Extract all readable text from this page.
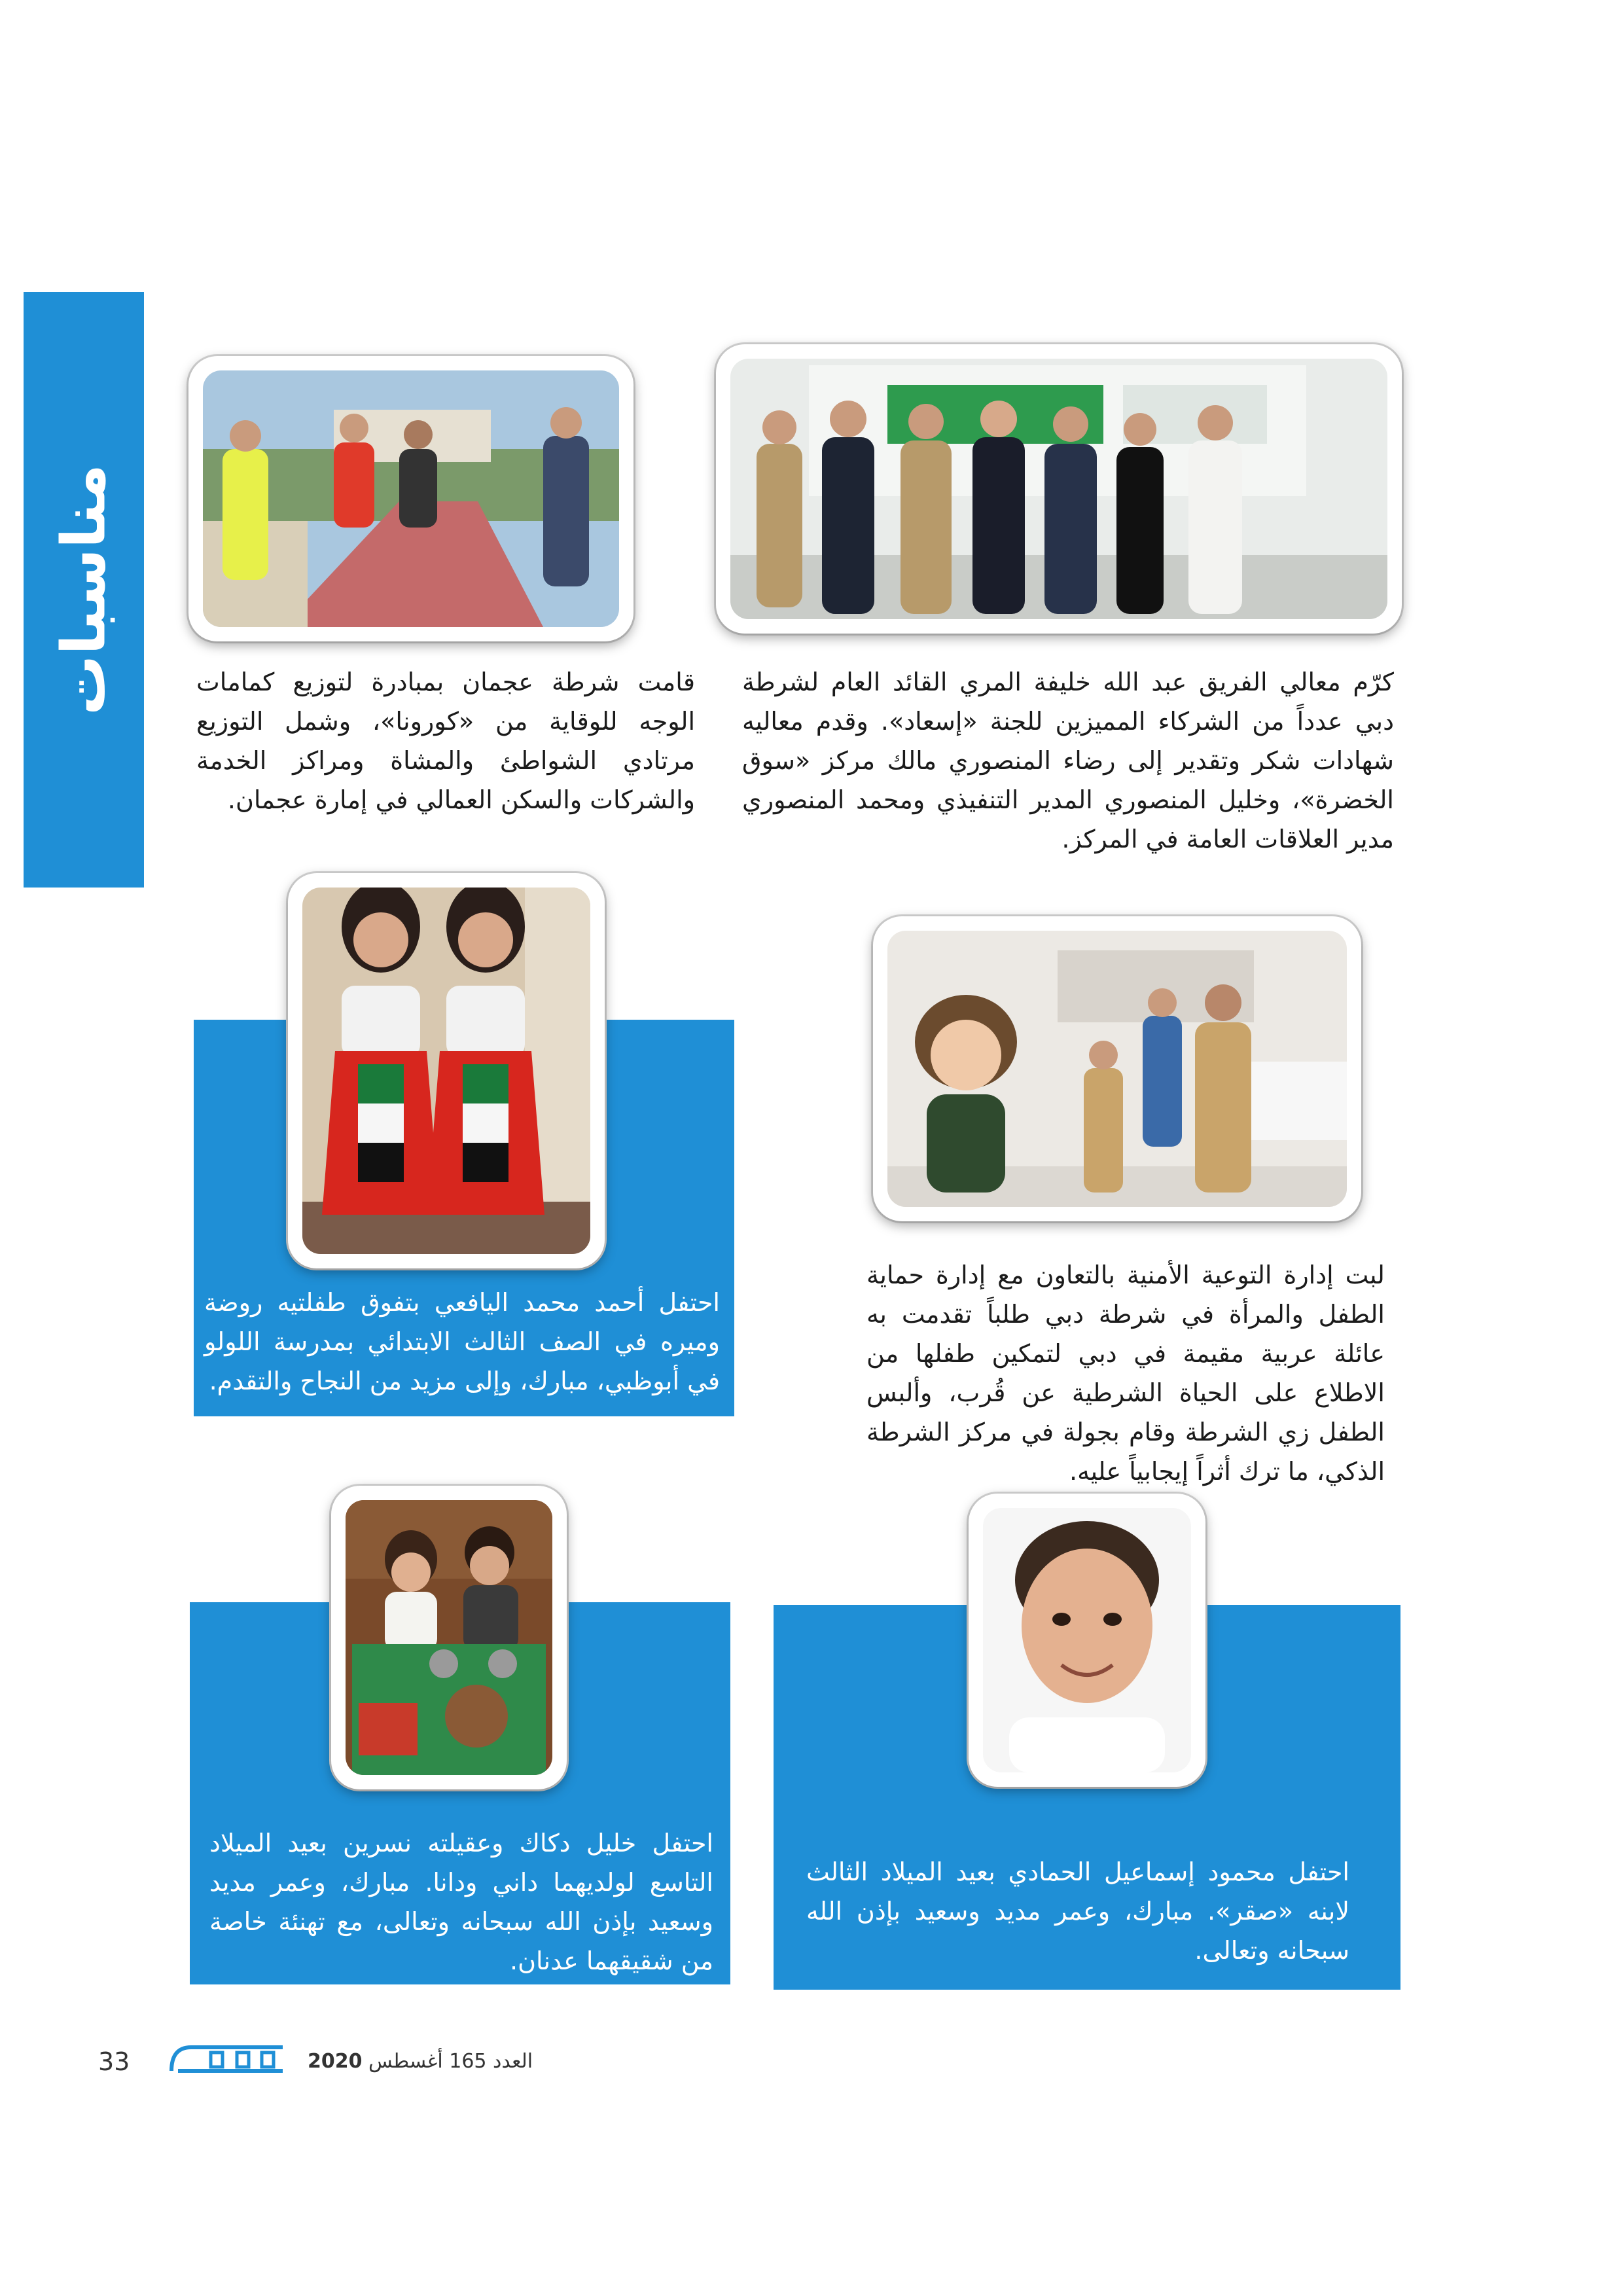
مناسبات	كرّم معالي الفريق عبد الله خليفة المري القائد العام لشرطة دبي عدداً من الشركاء المميزين للجنة «إسعاد». وقدم معاليه شهادات شكر وتقدير إلى رضاء المنصوري مالك مركز «سوق الخضرة»، وخليل المنصوري المدير التنفيذي ومحمد المنصوري مدير العلاقات العامة في المركز.
قامت شرطة عجمان بمبادرة لتوزيع كمامات الوجه للوقاية من «كورونا»، وشمل التوزيع مرتادي الشواطئ والمشاة ومراكز الخدمة والشركات والسكن العمالي في إمارة عجمان.
احتفل أحمد محمد اليافعي بتفوق طفلتيه روضة وميره في الصف الثالث الابتدائي بمدرسة اللولو في أبوظبي، مبارك، وإلى مزيد من النجاح والتقدم.
لبت إدارة التوعية الأمنية بالتعاون مع إدارة حماية الطفل والمرأة في شرطة دبي طلباً تقدمت به عائلة عربية مقيمة في دبي لتمكين طفلها من الاطلاع على الحياة الشرطية عن قُرب، وألبس الطفل زي الشرطة وقام بجولة في مركز الشرطة الذكي، ما ترك أثراً إيجابياً عليه.
احتفل محمود إسماعيل الحمادي بعيد الميلاد الثالث لابنه «صقر». مبارك، وعمر مديد وسعيد بإذن الله سبحانه وتعالى.
احتفل خليل دكاك وعقيلته نسرين بعيد الميلاد التاسع لولديهما داني ودانا. مبارك، وعمر مديد وسعيد بإذن الله سبحانه وتعالى، مع تهنئة خاصة من شقيقهما عدنان.
33	العدد 165 أغسطس 2020
